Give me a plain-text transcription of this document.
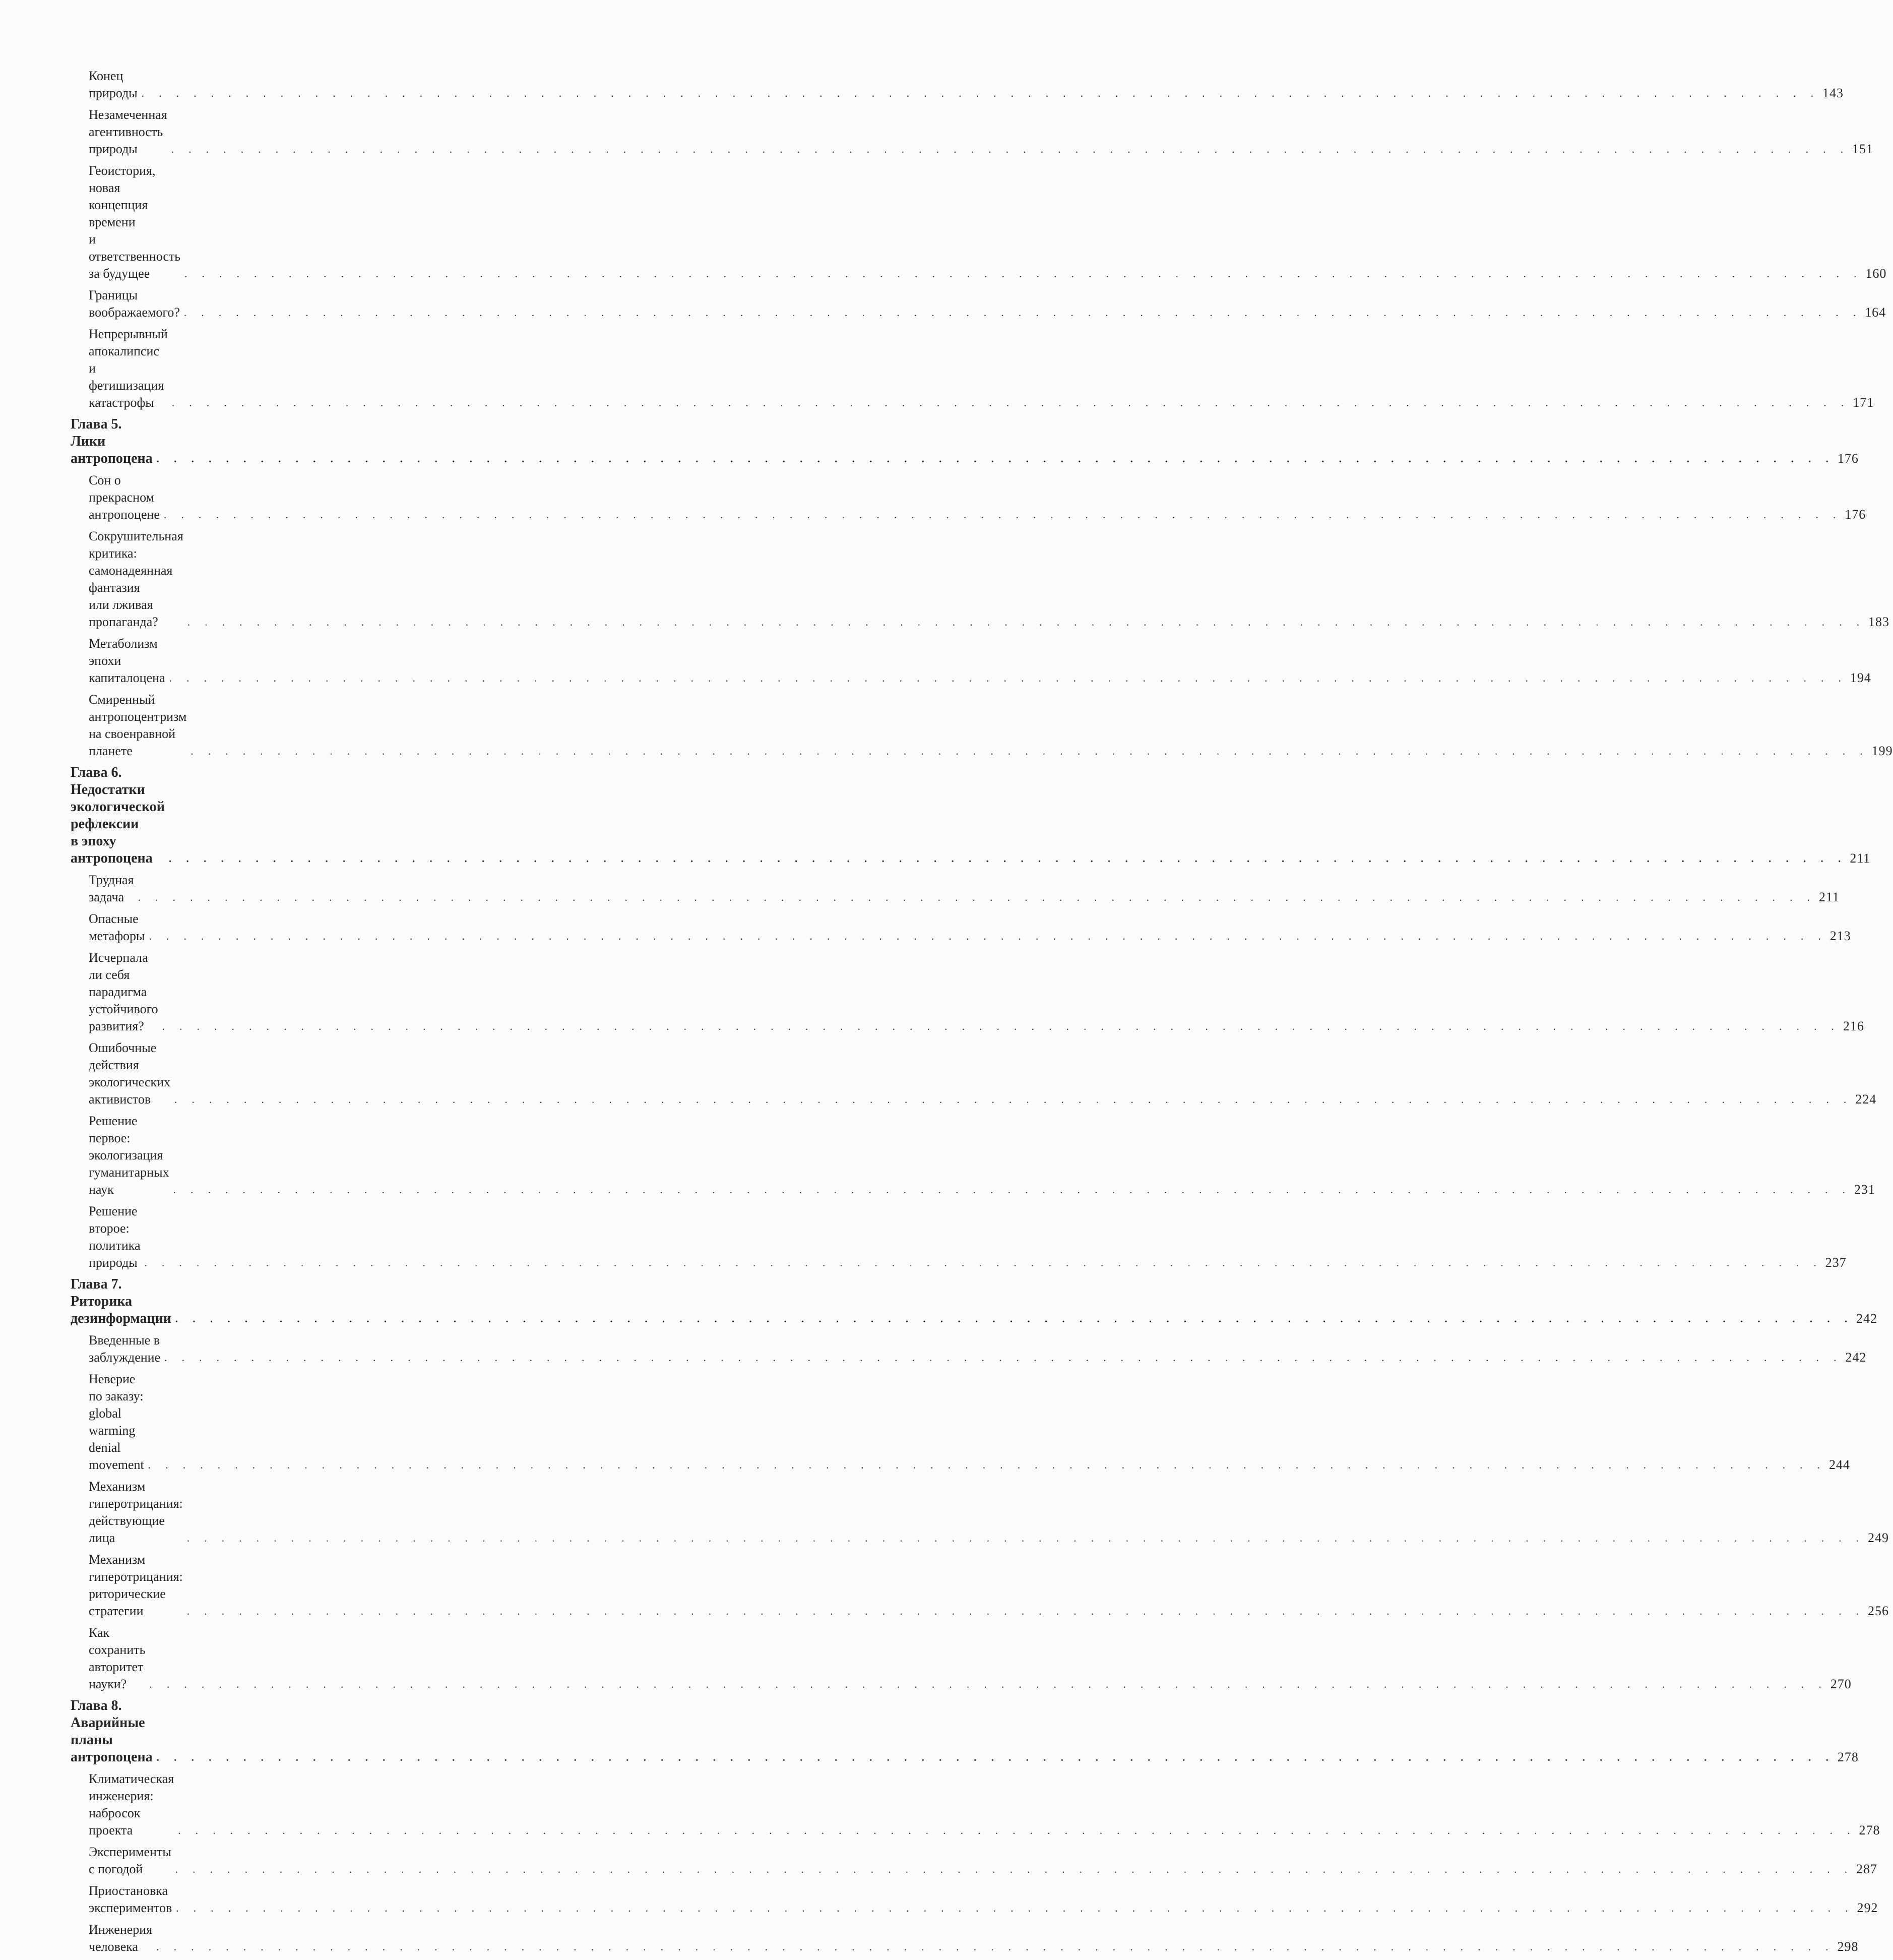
Конец природы . . .	143
Незамеченная агентивность природы . . .	151
Геоистория, новая концепция времени
и ответственность за будущее . . .	160
Границы воображаемого? . . .	164
Непрерывный апокалипсис и фетишизация катастрофы . . .	171
Глава 5. Лики антропоцена . . .	176
Сон о прекрасном антропоцене . . .	176
Сокрушительная критика: самонадеянная фантазия
или лживая пропаганда? . . .	183
Метаболизм эпохи капиталоцена . . .	194
Смиренный антропоцентризм на своенравной планете . . .	199
Глава 6. Недостатки экологической рефлексии
в эпоху антропоцена . . .	211
Трудная задача . . .	211
Опасные метафоры . . .	213
Исчерпала ли себя парадигма устойчивого развития? . . .	216
Ошибочные действия экологических активистов . . .	224
Решение первое: экологизация гуманитарных наук . . .	231
Решение второе: политика природы . . .	237
Глава 7. Риторика дезинформации . . .	242
Введенные в заблуждение . . .	242
Неверие по заказу: global warming denial movement . . .	244
Механизм гиперотрицания: действующие лица . . .	249
Механизм гиперотрицания: риторические стратегии . . .	256
Как сохранить авторитет науки? . . .	270
Глава 8. Аварийные планы антропоцена . . .	278
Климатическая инженерия: набросок проекта . . .	278
Эксперименты с погодой . . .	287
Приостановка экспериментов . . .	292
Инженерия человека . . .	298
